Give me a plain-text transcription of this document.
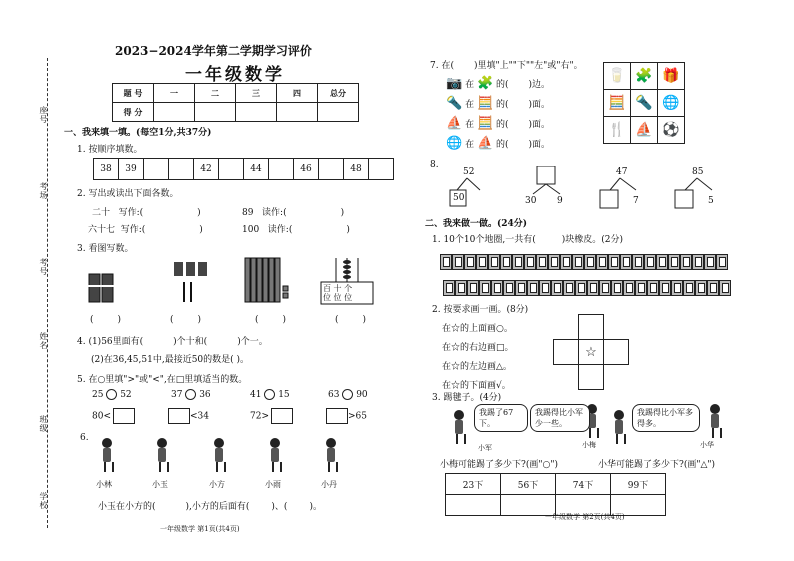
学校
班级
姓名
考号
考场
座号
2023−2024学年第二学期学习评价
一年级数学
题 号	一	二	三	四	总分
得 分					
一、我来填一填。(每空1分,共37分)
1. 按顺序填数。
38	39			42		44		46		48	
2. 写出或读出下面各数。
二十 写作:(	)	89 读作:(	)
六十七 写作:(	)	100 读作:(	)
3. 看图写数。
百 十 个
位 位 位
(	)	(	)	(	)	(	)
4. (1)56里面有(	)个十和(	)个一。
(2)在36,45,51中,最接近50的数是( )。
5. 在○里填">"或"<",在□里填适当的数。
25 52	37 36	41 15	63 90
80<	<34	72>	>65
6.
小林	小玉	小方	小雨	小丹
小玉在小方的(	),小方的后面有( )、( )。
一年级数学 第1页(共4页)
7. 在( )里填"上""下""左"或"右"。
📷 在 🧩 的( )边。
🔦 在 🧮 的( )面。
⛵ 在 🧮 的( )面。
🌐 在 ⛵ 的( )面。
🥛	🧩	🎁
🧮	🔦	🌐
🍴	⛵	⚽
8.
52
50	30 9
47
7
85
5
二、我来做一做。(24分)
1. 10个10个地圈,一共有(	)块橡皮。(2分)
2. 按要求画一画。(8分)
在☆的上面画○。
在☆的右边画□。
在☆的左边画△。
在☆的下面画√。

	☆	

3. 踢毽子。(4分)
我踢了67下。
我踢得比小军少一些。
我踢得比小军多得多。
小军	小梅	小华
小梅可能踢了多少下?(画"○")	小华可能踢了多少下?(画"△")
23下	56下	74下	99下

一年级数学 第2页(共4页)
